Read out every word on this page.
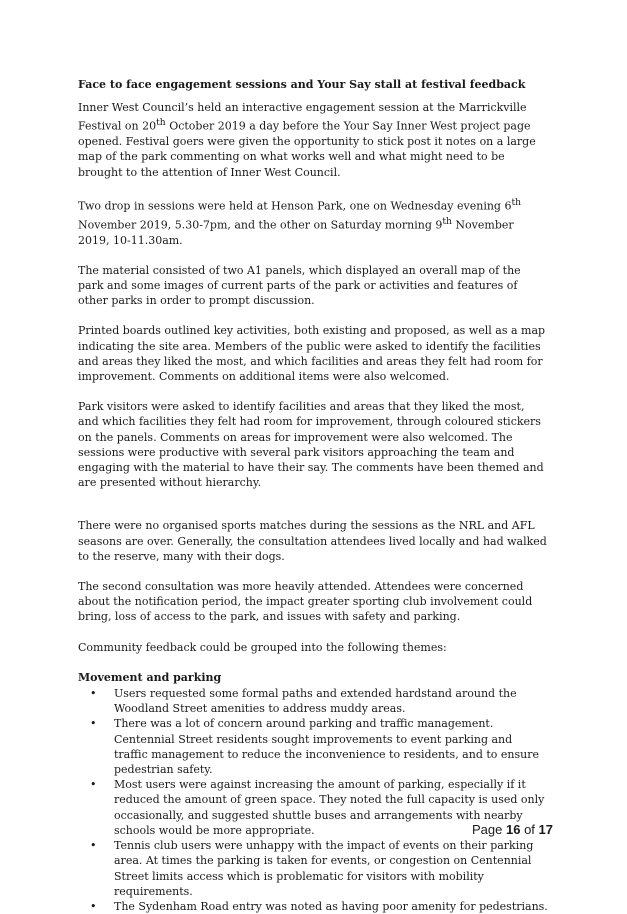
Face to face engagement sessions and Your Say stall at festival feedback

Inner West Council’s held an interactive engagement session at the Marrickville Festival on 20th October 2019 a day before the Your Say Inner West project page opened. Festival goers were given the opportunity to stick post it notes on a large map of the park commenting on what works well and what might need to be brought to the attention of Inner West Council.

Two drop in sessions were held at Henson Park, one on Wednesday evening 6th November 2019, 5.30-7pm, and the other on Saturday morning 9th November 2019, 10-11.30am.

The material consisted of two A1 panels, which displayed an overall map of the park and some images of current parts of the park or activities and features of other parks in order to prompt discussion.

Printed boards outlined key activities, both existing and proposed, as well as a map indicating the site area. Members of the public were asked to identify the facilities and areas they liked the most, and which facilities and areas they felt had room for improvement. Comments on additional items were also welcomed.

Park visitors were asked to identify facilities and areas that they liked the most, and which facilities they felt had room for improvement, through coloured stickers on the panels. Comments on areas for improvement were also welcomed. The sessions were productive with several park visitors approaching the team and engaging with the material to have their say. The comments have been themed and are presented without hierarchy.

There were no organised sports matches during the sessions as the NRL and AFL seasons are over. Generally, the consultation attendees lived locally and had walked to the reserve, many with their dogs.

The second consultation was more heavily attended. Attendees were concerned about the notification period, the impact greater sporting club involvement could bring, loss of access to the park, and issues with safety and parking.

Community feedback could be grouped into the following themes:

Movement and parking
• Users requested some formal paths and extended hardstand around the Woodland Street amenities to address muddy areas.
• There was a lot of concern around parking and traffic management. Centennial Street residents sought improvements to event parking and traffic management to reduce the inconvenience to residents, and to ensure pedestrian safety.
• Most users were against increasing the amount of parking, especially if it reduced the amount of green space. They noted the full capacity is used only occasionally, and suggested shuttle buses and arrangements with nearby schools would be more appropriate.
• Tennis club users were unhappy with the impact of events on their parking area. At times the parking is taken for events, or congestion on Centennial Street limits access which is problematic for visitors with mobility requirements.
• The Sydenham Road entry was noted as having poor amenity for pedestrians.
Page 16 of 17
